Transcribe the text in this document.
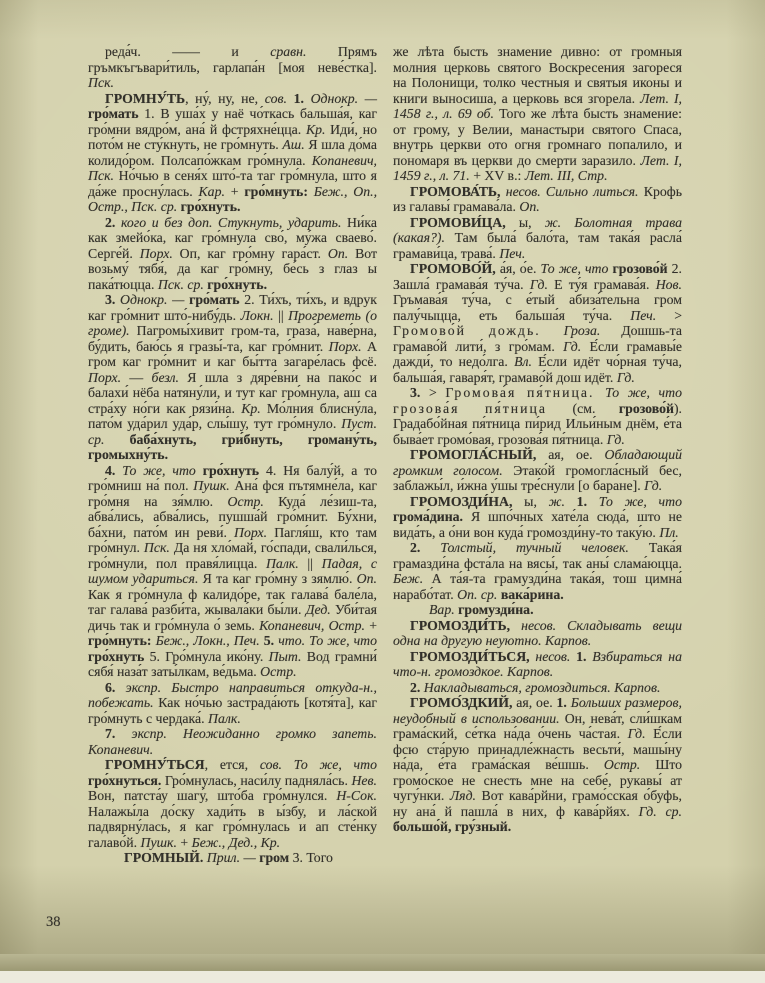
реда́ч. —— и сравн. Прямъ гръмкъгъвари́тиль, гарлапа́н [моя неве́стка]. Пск.

ГРОМНУ́ТЬ, ну́, ну, не, сов. 1. Однокр. — гро́мать 1. В уша́х у наё чо́ткась бальша́я, каг гро́мни вядро́м, ана́ й фстряхне́цца. Кр. Иди́, но пото́м не сту́кнуть, не гро́мнуть. Аш. Я шла до́ма колидо́ром. Полсапо́жкам гро́мнула. Копаневич, Пск. Но́чью в сеня́х што́-та таг гро́мнула, што я да́же просну́лась. Кар. + гро́мнуть: Беж., Оп., Остр., Пск. ср. гро́хнуть.

2. кого и без доп. Стукнуть, ударить. Ни́ка как змейо́ка, каг гро́мнула сво́, му́жа сваево́. Серге́й. Порх. Оп, каг гро́мну гара́ст. Оп. Вот возьму́ тябя́, да каг гро́мну, бе́сь з глаз ы пака́тюцца. Пск. ср. гро́хнуть.

3. Однокр. — гро́мать 2. Ти́хъ, ти́хъ, и вдрук каг гро́мнит што́-нибу́дь. Локн. || Прогреметь (о громе). Пагромы́хивит гром-та, граза́, наве́рна, бу́дить, баю́сь я гразы́-та, каг гро́мнит. Порх. А гром каг гро́мнит и каг бы́тта загаре́лась фсё. Порх. — безл. Я шла з дяре́вни на пако́с и балахи́ нёба натяну́ли, и тут каг гро́мнула, аш са стра́ху но́ги как рязи́на. Кр. Мо́лния блисну́ла, пато́м уда́рил уда́р, слы́шу, тут гро́мнуло. Пуст. ср. баба́хнуть, гри́бнуть, громану́ть, громыхну́ть.

4. То же, что гро́хнуть 4. Ня балу́й, а то гро́мниш на́ пол. Пушк. Ана́ фся пътямне́ла, каг гро́мня на зя́млю. Остр. Куда́ ле́зиш-та, абва́лись, абва́лись, пушша́й гро́мнит. Бу́хни, ба́хни, пато́м ин реви́. Порх. Пагля́ш, кто там гро́мнул. Пск. Да ня хло́май, го́спади, свали́лься, гро́мнули, пол правя́лицца. Палк. || Падая, с шумом удариться. Я та каг гро́мну з зямлю́. Оп. Как я гро́мнула ф калидо́ре, так галава́ бале́ла, таг галава́ разби́та, жывала́ки бы́ли. Дед. Уби́тая дичь так и гро́мнула о́ земь. Копаневич, Остр. + гро́мнуть: Беж., Локн., Печ. 5. что. То же, что гро́хнуть 5. Гро́мнула ико́ну. Пыт. Вод грамни́ сябя́ наза́т заты́лкам, ве́дьма. Остр.

6. экспр. Быстро направиться откуда-н., побежать. Как но́чью застрада́ють [котя́та], каг гро́мнуть с чердака́. Палк.

7. экспр. Неожиданно громко запеть. Копаневич.

ГРОМНУ́ТЬСЯ, ется, сов. То же, что гро́хнуться. Гро́мнулась, наси́лу падняла́сь. Нев. Вон, патста́у шагу́, што́ба гро́мнулся. Н-Сок. Налажы́ла до́ску хади́ть в ы́збу, и ла́ской падвярну́лась, я каг гро́мнулась и ап сте́нку галаво́й. Пушк. + Беж., Дед., Кр.

ГРОМНЫЙ. Прил. — гром 3. Того

же лѣта бысть знамение дивно: от громныя молния церковь святого Воскресения загореся на Полонищи, толко честныя и святыя иконы и книги выносиша, а церковь вся згорела. Лет. I, 1458 г., л. 69 об. Того же лѣта бысть знамение: от грому, у Велии, манастыри святого Спаса, внутрь церкви ото огня громнаго попалило, и пономаря въ церкви до смерти заразило. Лет. I, 1459 г., л. 71. + XV в.: Лет. III, Стр.

ГРОМОВА́ТЬ, несов. Сильно литься. Крофь из галавы́ грамава́ла. Оп.

ГРОМОВИ́ЦА, ы, ж. Болотная трава (какая?). Там была́ бало́та, там така́я расла́ грамави́ца, трава́. Печ.

ГРОМОВО́Й, а́я, о́е. То же, что грозово́й 2. Зашла́ грамава́я ту́ча. Гд. Е ту́я грамава́я. Нов. Гръмава́я ту́ча, с е́тый абиза́тельна гром палу́чыцца, еть бальша́я ту́ча. Печ. > Громово́й дождь. Гроза. Дошшь-та грамаво́й лити́, з гро́мам. Гд. Е́сли грамавы́е дажди́, то недо́лга. Вл. Е́сли идёт чо́рная ту́ча, бальша́я, гаваря́т, грамаво́й дош идёт. Гд.

3. > Громова́я пя́тница. То же, что грозова́я пя́тница (см. грозово́й). Градабо́йная пя́тница пи́рид Ильи́ным днём, е́та быва́ет громо́вая, грозова́я пя́тница. Гд.

ГРОМОГЛА́СНЫЙ, ая, ое. Обладающий громким голосом. Этако́й громогла́сный бес, заблажы́л, и́жна у́шы тре́снули [о баране]. Гд.

ГРОМОЗДИ́НА, ы, ж. 1. То же, что грома́дина. Я шпо́чных хате́ла сюда́, што не вида́ть, а о́ни вон куда́ громозди́ну-то таку́ю. Пл.

2. Толстый, тучный человек. Така́я грамазди́на фста́ла на вясы́, так аны́ слама́юцца. Беж. А та́я-та грамузди́на така́я, тош цимна́ нарабо́тат. Оп. ср. вака́рина.

Вар. громузди́на.

ГРОМОЗДИ́ТЬ, несов. Складывать вещи одна на другую неуютно. Карпов.

ГРОМОЗДИ́ТЬСЯ, несов. 1. Взбираться на что-н. громоздкое. Карпов.

2. Накладываться, громоздиться. Карпов.

ГРОМО́ЗДКИЙ, ая, ое. 1. Больших размеров, неудобный в использовании. Он, нева́т, сли́шкам грама́ский, се́тка на́да о́чень ча́стая. Гд. Е́сли фсю ста́рую принадле́жнасть весьти́, машы́ну на́да, е́та грама́ская ве́шшь. Остр. Што громо́ское не снесть мне на себе́, рукавы́ ат чугу́нки. Ляд. Вот кава́рйни, грамо́сская о́буфь, ну ана́ й пашла́ в них, ф кава́рйях. Гд. ср. большо́й, гру́зный.

38
